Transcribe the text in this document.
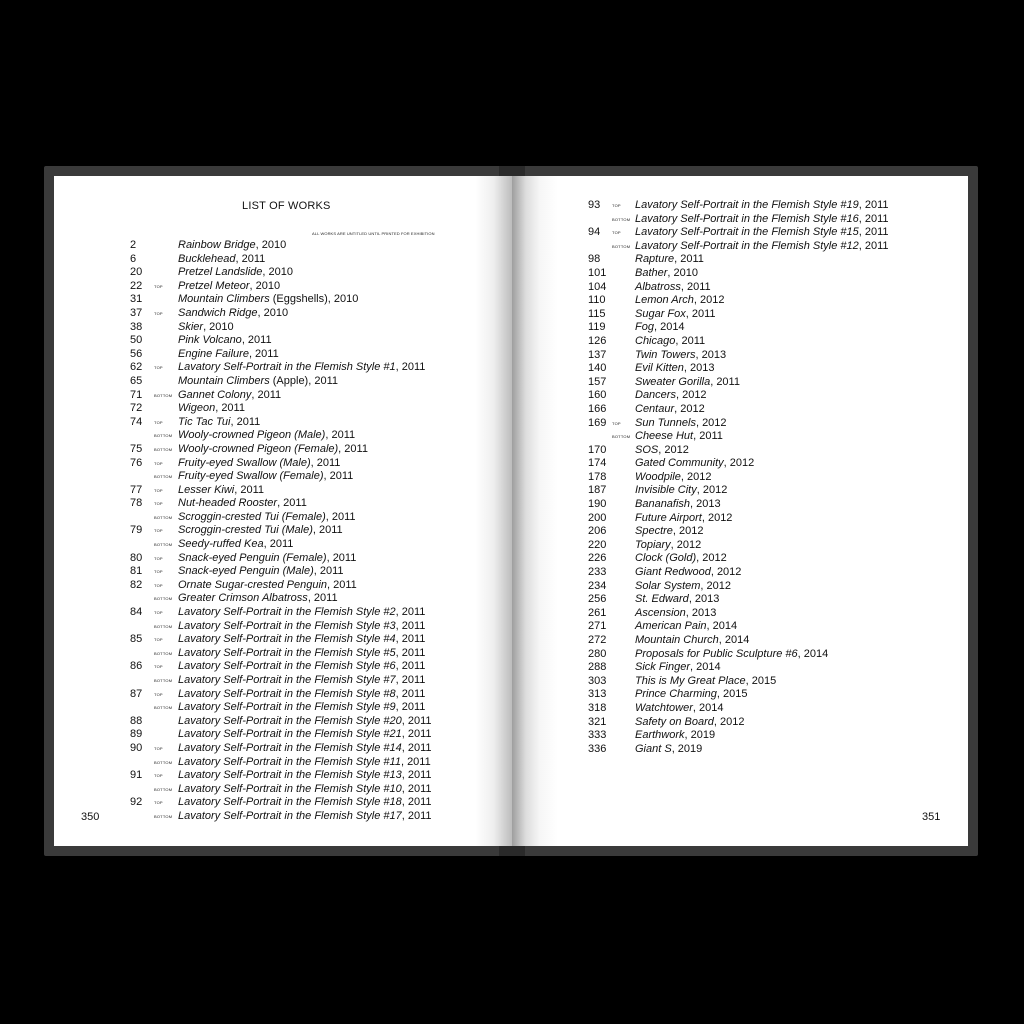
LIST OF WORKS
ALL WORKS ARE UNTITLED UNTIL PRINTED FOR EXHIBITION
2	Rainbow Bridge, 2010
6	Bucklehead, 2011
20	Pretzel Landslide, 2010
22	TOP Pretzel Meteor, 2010
31	Mountain Climbers (Eggshells), 2010
37	TOP Sandwich Ridge, 2010
38	Skier, 2010
50	Pink Volcano, 2011
56	Engine Failure, 2011
62	TOP Lavatory Self-Portrait in the Flemish Style #1, 2011
65	Mountain Climbers (Apple), 2011
71	BOTTOM Gannet Colony, 2011
72	Wigeon, 2011
74	TOP Tic Tac Tui, 2011
BOTTOM Wooly-crowned Pigeon (Male), 2011
75	BOTTOM Wooly-crowned Pigeon (Female), 2011
76	TOP Fruity-eyed Swallow (Male), 2011
BOTTOM Fruity-eyed Swallow (Female), 2011
77	TOP Lesser Kiwi, 2011
78	TOP Nut-headed Rooster, 2011
BOTTOM Scroggin-crested Tui (Female), 2011
79	TOP Scroggin-crested Tui (Male), 2011
BOTTOM Seedy-ruffed Kea, 2011
80	TOP Snack-eyed Penguin (Female), 2011
81	TOP Snack-eyed Penguin (Male), 2011
82	TOP Ornate Sugar-crested Penguin, 2011
BOTTOM Greater Crimson Albatross, 2011
84	TOP Lavatory Self-Portrait in the Flemish Style #2, 2011
BOTTOM Lavatory Self-Portrait in the Flemish Style #3, 2011
85	TOP Lavatory Self-Portrait in the Flemish Style #4, 2011
BOTTOM Lavatory Self-Portrait in the Flemish Style #5, 2011
86	TOP Lavatory Self-Portrait in the Flemish Style #6, 2011
BOTTOM Lavatory Self-Portrait in the Flemish Style #7, 2011
87	TOP Lavatory Self-Portrait in the Flemish Style #8, 2011
BOTTOM Lavatory Self-Portrait in the Flemish Style #9, 2011
88	Lavatory Self-Portrait in the Flemish Style #20, 2011
89	Lavatory Self-Portrait in the Flemish Style #21, 2011
90	TOP Lavatory Self-Portrait in the Flemish Style #14, 2011
BOTTOM Lavatory Self-Portrait in the Flemish Style #11, 2011
91	TOP Lavatory Self-Portrait in the Flemish Style #13, 2011
BOTTOM Lavatory Self-Portrait in the Flemish Style #10, 2011
92	TOP Lavatory Self-Portrait in the Flemish Style #18, 2011
BOTTOM Lavatory Self-Portrait in the Flemish Style #17, 2011
350
93	TOP Lavatory Self-Portrait in the Flemish Style #19, 2011
BOTTOM Lavatory Self-Portrait in the Flemish Style #16, 2011
94	TOP Lavatory Self-Portrait in the Flemish Style #15, 2011
BOTTOM Lavatory Self-Portrait in the Flemish Style #12, 2011
98	Rapture, 2011
101	Bather, 2010
104	Albatross, 2011
110	Lemon Arch, 2012
115	Sugar Fox, 2011
119	Fog, 2014
126	Chicago, 2011
137	Twin Towers, 2013
140	Evil Kitten, 2013
157	Sweater Gorilla, 2011
160	Dancers, 2012
166	Centaur, 2012
169	TOP Sun Tunnels, 2012
BOTTOM Cheese Hut, 2011
170	SOS, 2012
174	Gated Community, 2012
178	Woodpile, 2012
187	Invisible City, 2012
190	Bananafish, 2013
200	Future Airport, 2012
206	Spectre, 2012
220	Topiary, 2012
226	Clock (Gold), 2012
233	Giant Redwood, 2012
234	Solar System, 2012
256	St. Edward, 2013
261	Ascension, 2013
271	American Pain, 2014
272	Mountain Church, 2014
280	Proposals for Public Sculpture #6, 2014
288	Sick Finger, 2014
303	This is My Great Place, 2015
313	Prince Charming, 2015
318	Watchtower, 2014
321	Safety on Board, 2012
333	Earthwork, 2019
336	Giant S, 2019
351
